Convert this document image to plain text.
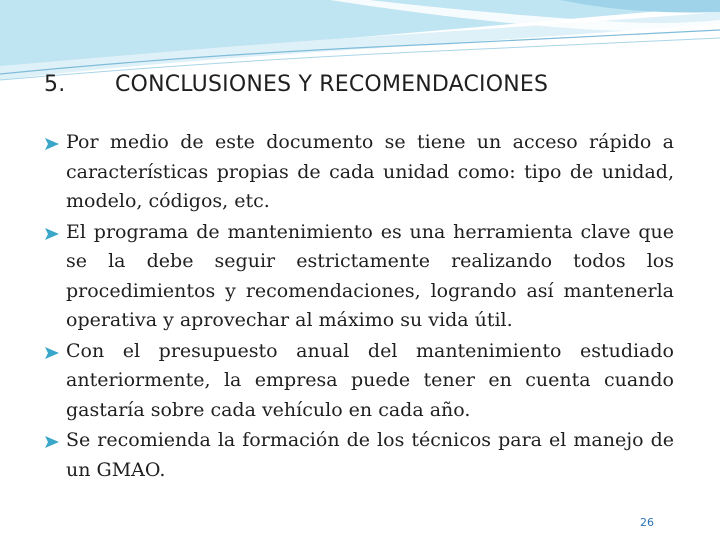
5. CONCLUSIONES Y RECOMENDACIONES
Por medio de este documento se tiene un acceso rápido a características propias de cada unidad como: tipo de unidad, modelo, códigos, etc.
El programa de mantenimiento es una herramienta clave que se la debe seguir estrictamente realizando todos los procedimientos y recomendaciones, logrando así mantenerla operativa y aprovechar al máximo su vida útil.
Con el presupuesto anual del mantenimiento estudiado anteriormente, la empresa puede tener en cuenta cuando gastaría sobre cada vehículo en cada año.
Se recomienda la formación de los técnicos para el manejo de un GMAO.
26
